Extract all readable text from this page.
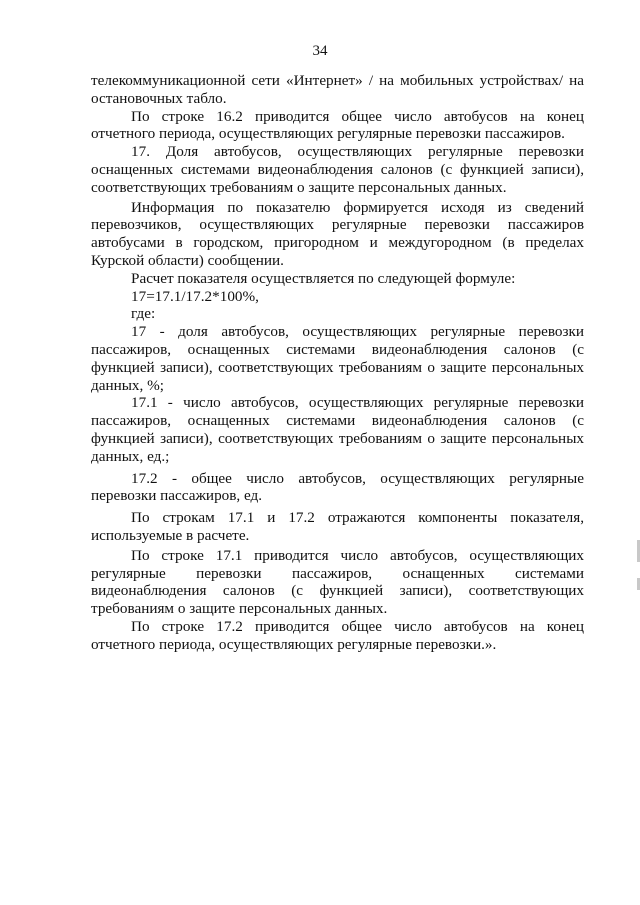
34

телекоммуникационной сети «Интернет» / на мобильных устройствах/ на остановочных табло.

По строке 16.2 приводится общее число автобусов на конец отчетного периода, осуществляющих регулярные перевозки пассажиров.

17. Доля автобусов, осуществляющих регулярные перевозки оснащенных системами видеонаблюдения салонов (с функцией записи), соответствующих требованиям о защите персональных данных.

Информация по показателю формируется исходя из сведений перевозчиков, осуществляющих регулярные перевозки пассажиров автобусами в городском, пригородном и междугородном (в пределах Курской области) сообщении.

Расчет показателя осуществляется по следующей формуле:

17=17.1/17.2*100%,

где:

17 - доля автобусов, осуществляющих регулярные перевозки пассажиров, оснащенных системами видеонаблюдения салонов (с функцией записи), соответствующих требованиям о защите персональных данных, %;

17.1 - число автобусов, осуществляющих регулярные перевозки пассажиров, оснащенных системами видеонаблюдения салонов (с функцией записи), соответствующих требованиям о защите персональных данных, ед.;

17.2 - общее число автобусов, осуществляющих регулярные перевозки пассажиров, ед.

По строкам 17.1 и 17.2 отражаются компоненты показателя, используемые в расчете.

По строке 17.1 приводится число автобусов, осуществляющих регулярные перевозки пассажиров, оснащенных системами видеонаблюдения салонов (с функцией записи), соответствующих требованиям о защите персональных данных.

По строке 17.2 приводится общее число автобусов на конец отчетного периода, осуществляющих регулярные перевозки.».
